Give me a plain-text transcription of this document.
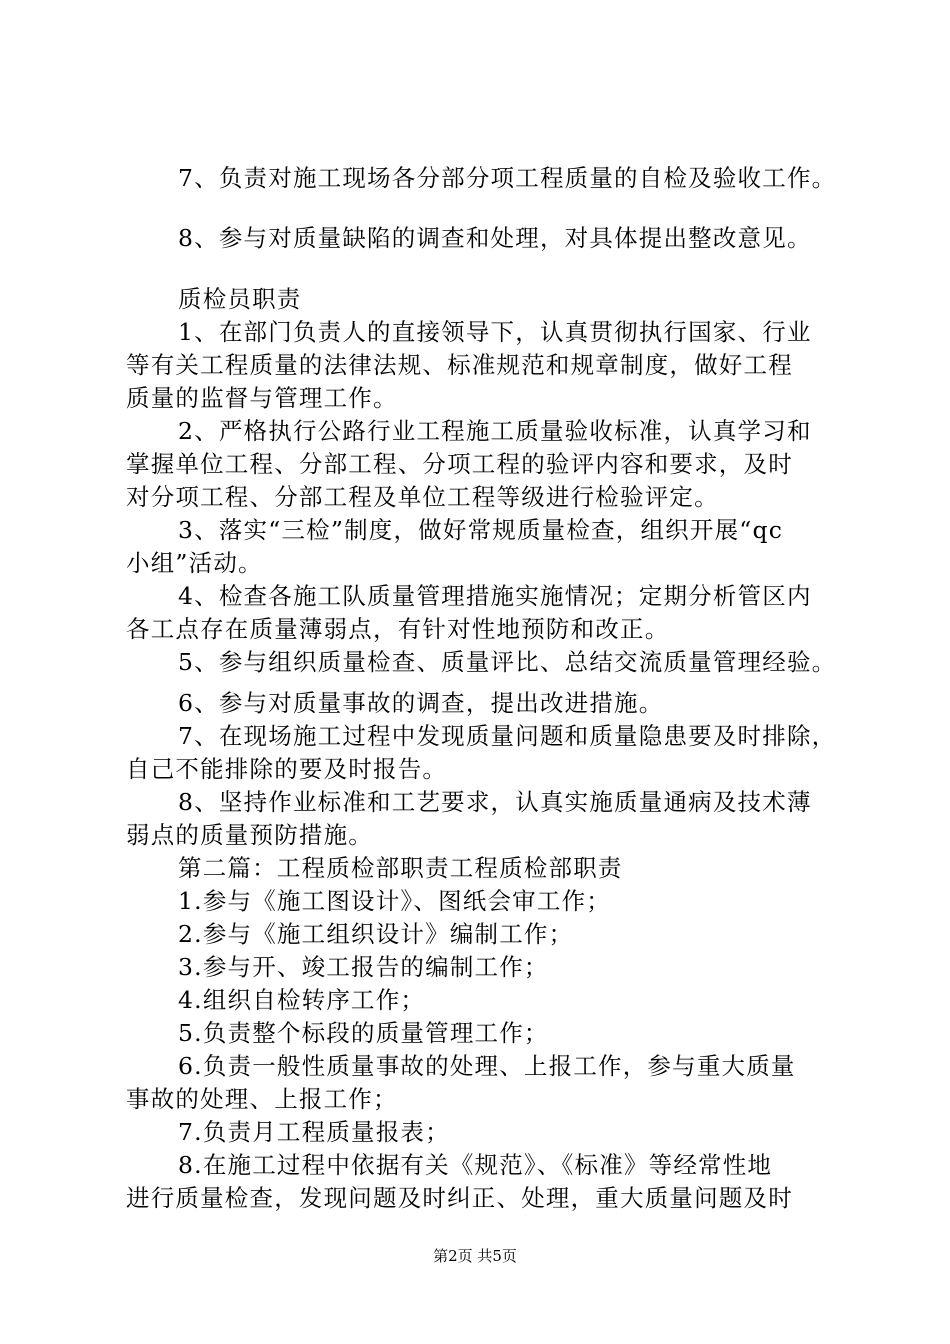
7、负责对施工现场各分部分项工程质量的自检及验收工作。
8、参与对质量缺陷的调查和处理，对具体提出整改意见。
质检员职责
1、在部门负责人的直接领导下，认真贯彻执行国家、行业
等有关工程质量的法律法规、标准规范和规章制度，做好工程
质量的监督与管理工作。
2、严格执行公路行业工程施工质量验收标准，认真学习和
掌握单位工程、分部工程、分项工程的验评内容和要求，及时
对分项工程、分部工程及单位工程等级进行检验评定。
3、落实“三检”制度，做好常规质量检查，组织开展“qc
小组”活动。
4、检查各施工队质量管理措施实施情况；定期分析管区内
各工点存在质量薄弱点，有针对性地预防和改正。
5、参与组织质量检查、质量评比、总结交流质量管理经验。
6、参与对质量事故的调查，提出改进措施。
7、在现场施工过程中发现质量问题和质量隐患要及时排除，
自己不能排除的要及时报告。
8、坚持作业标准和工艺要求，认真实施质量通病及技术薄
弱点的质量预防措施。
第二篇：工程质检部职责工程质检部职责
1.参与《施工图设计》、图纸会审工作；
2.参与《施工组织设计》编制工作；
3.参与开、竣工报告的编制工作；
4.组织自检转序工作；
5.负责整个标段的质量管理工作；
6.负责一般性质量事故的处理、上报工作，参与重大质量
事故的处理、上报工作；
7.负责月工程质量报表；
8.在施工过程中依据有关《规范》、《标准》等经常性地
进行质量检查，发现问题及时纠正、处理，重大质量问题及时
第2页 共5页
